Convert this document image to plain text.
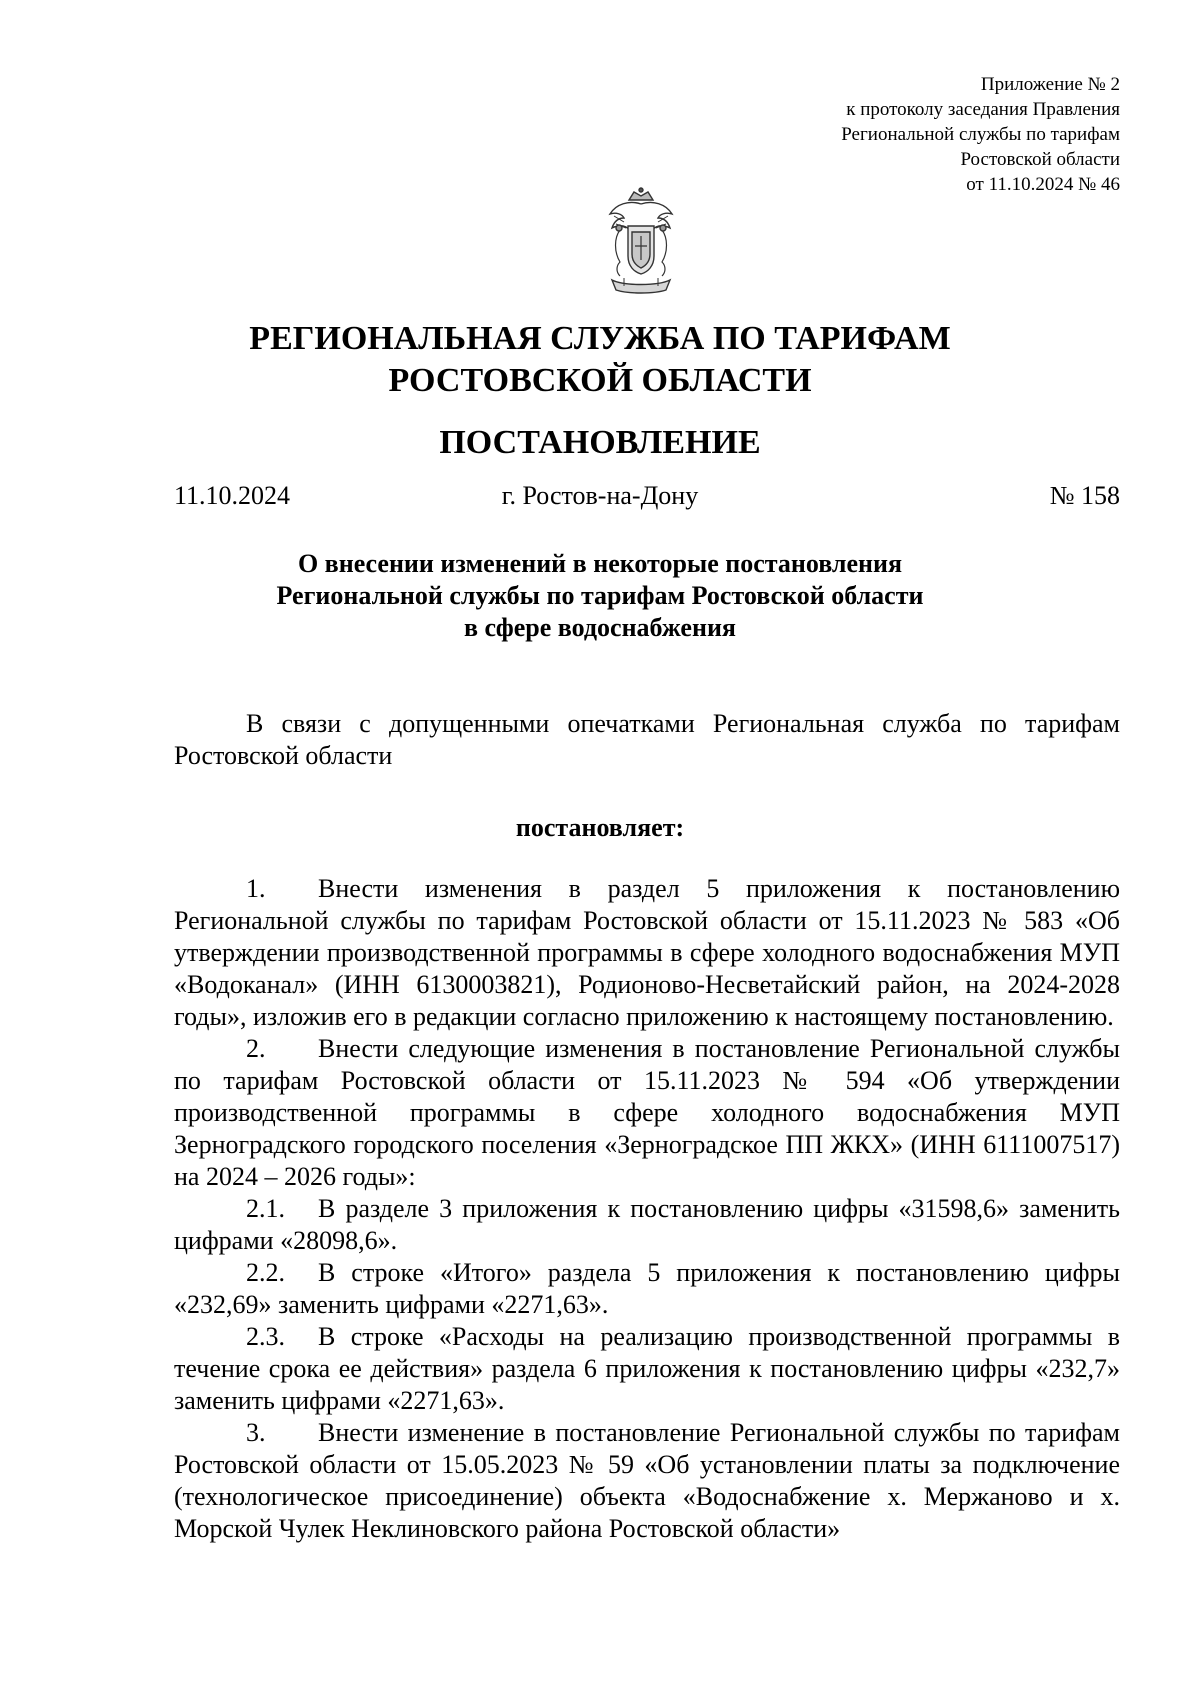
Приложение № 2
к протоколу заседания Правления
Региональной службы по тарифам
Ростовской области
от 11.10.2024 № 46
РЕГИОНАЛЬНАЯ СЛУЖБА ПО ТАРИФАМ
РОСТОВСКОЙ ОБЛАСТИ
ПОСТАНОВЛЕНИЕ
г. Ростов-на-Дону
11.10.2024	№ 158
О внесении изменений в некоторые постановления
Региональной службы по тарифам Ростовской области
в сфере водоснабжения

В связи с допущенными опечатками Региональная служба по тарифам Ростовской области

постановляет:

1. Внести изменения в раздел 5 приложения к постановлению Региональной службы по тарифам Ростовской области от 15.11.2023 № 583 «Об утверждении производственной программы в сфере холодного водоснабжения МУП «Водоканал» (ИНН 6130003821), Родионово-Несветайский район, на 2024-2028 годы», изложив его в редакции согласно приложению к настоящему постановлению.

2. Внести следующие изменения в постановление Региональной службы по тарифам Ростовской области от 15.11.2023 № 594 «Об утверждении производственной программы в сфере холодного водоснабжения МУП Зерноградского городского поселения «Зерноградское ПП ЖКХ» (ИНН 6111007517) на 2024 – 2026 годы»:

2.1. В разделе 3 приложения к постановлению цифры «31598,6» заменить цифрами «28098,6».

2.2. В строке «Итого» раздела 5 приложения к постановлению цифры «232,69» заменить цифрами «2271,63».

2.3. В строке «Расходы на реализацию производственной программы в течение срока ее действия» раздела 6 приложения к постановлению цифры «232,7» заменить цифрами «2271,63».

3. Внести изменение в постановление Региональной службы по тарифам Ростовской области от 15.05.2023 № 59 «Об установлении платы за подключение (технологическое присоединение) объекта «Водоснабжение х. Мержаново и х. Морской Чулек Неклиновского района Ростовской области»
